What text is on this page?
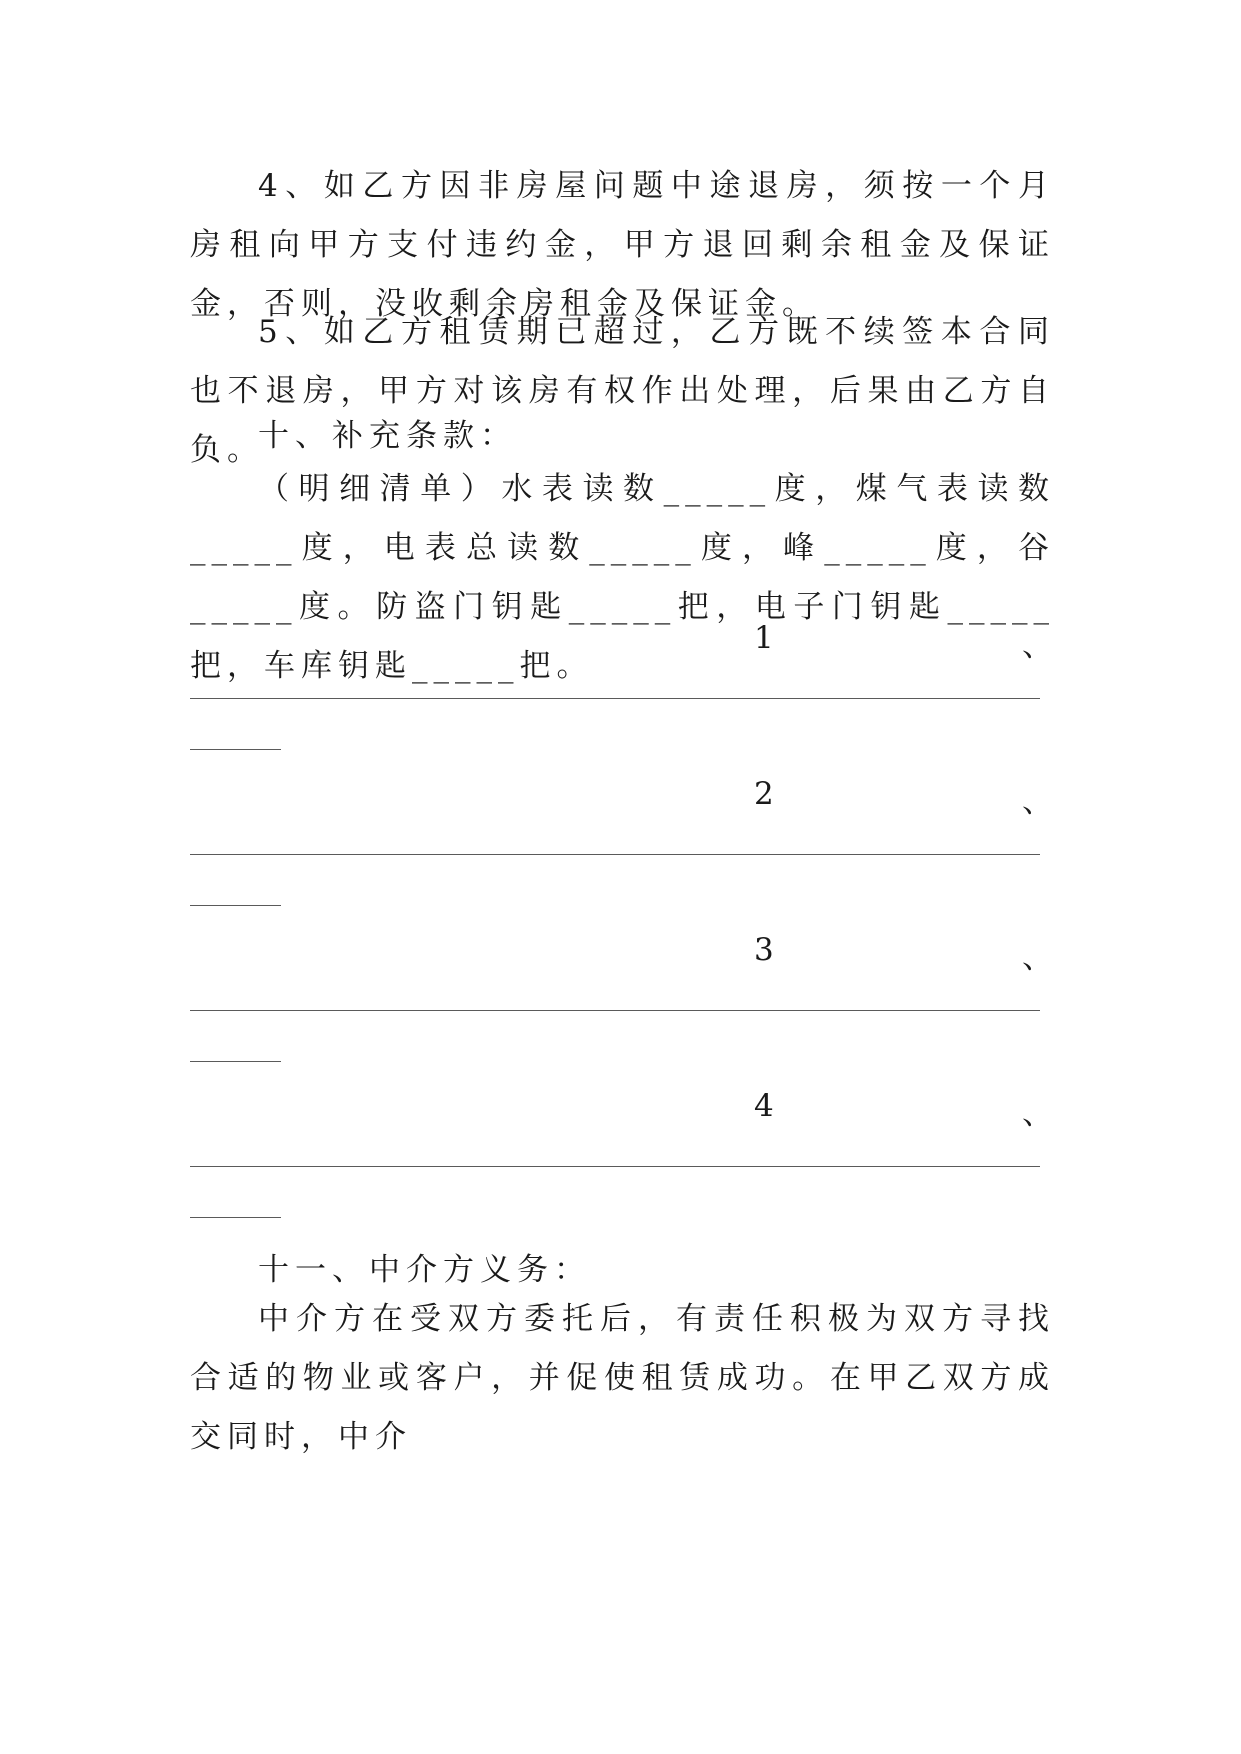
4、如乙方因非房屋问题中途退房，须按一个月房租向甲方支付违约金，甲方退回剩余租金及保证金，否则，没收剩余房租金及保证金。

5、如乙方租赁期已超过，乙方既不续签本合同也不退房，甲方对该房有权作出处理，后果由乙方自负。

十、补充条款：

（明细清单）水表读数_____度，煤气表读数_____度，电表总读数_____度，峰_____度，谷_____度。防盗门钥匙_____把，电子门钥匙_____把，车库钥匙_____把。

1	、
2	、
3	、
4	、
十一、中介方义务：

中介方在受双方委托后，有责任积极为双方寻找合适的物业或客户，并促使租赁成功。在甲乙双方成交同时，中介
